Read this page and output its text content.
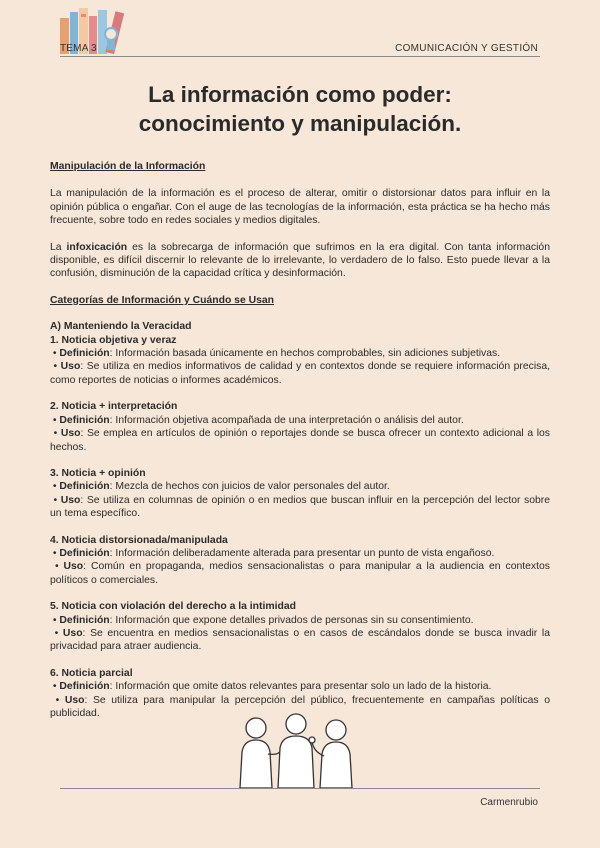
TEMA 3	COMUNICACIÓN Y GESTIÓN
La información como poder:
conocimiento y manipulación.

Manipulación de la Información

La manipulación de la información es el proceso de alterar, omitir o distorsionar datos para influir en la opinión pública o engañar. Con el auge de las tecnologías de la información, esta práctica se ha hecho más frecuente, sobre todo en redes sociales y medios digitales.

La infoxicación es la sobrecarga de información que sufrimos en la era digital. Con tanta información disponible, es difícil discernir lo relevante de lo irrelevante, lo verdadero de lo falso. Esto puede llevar a la confusión, disminución de la capacidad crítica y desinformación.

Categorías de Información y Cuándo se Usan

A) Manteniendo la Veracidad
1. Noticia objetiva y veraz
• Definición: Información basada únicamente en hechos comprobables, sin adiciones subjetivas.
• Uso: Se utiliza en medios informativos de calidad y en contextos donde se requiere información precisa, como reportes de noticias o informes académicos.
2. Noticia + interpretación
• Definición: Información objetiva acompañada de una interpretación o análisis del autor.
• Uso: Se emplea en artículos de opinión o reportajes donde se busca ofrecer un contexto adicional a los hechos.
3. Noticia + opinión
• Definición: Mezcla de hechos con juicios de valor personales del autor.
• Uso: Se utiliza en columnas de opinión o en medios que buscan influir en la percepción del lector sobre un tema específico.
4. Noticia distorsionada/manipulada
• Definición: Información deliberadamente alterada para presentar un punto de vista engañoso.
• Uso: Común en propaganda, medios sensacionalistas o para manipular a la audiencia en contextos políticos o comerciales.
5. Noticia con violación del derecho a la intimidad
• Definición: Información que expone detalles privados de personas sin su consentimiento.
• Uso: Se encuentra en medios sensacionalistas o en casos de escándalos donde se busca invadir la privacidad para atraer audiencia.
6. Noticia parcial
• Definición: Información que omite datos relevantes para presentar solo un lado de la historia.
• Uso: Se utiliza para manipular la percepción del público, frecuentemente en campañas políticas o publicidad.
Carmenrubio
